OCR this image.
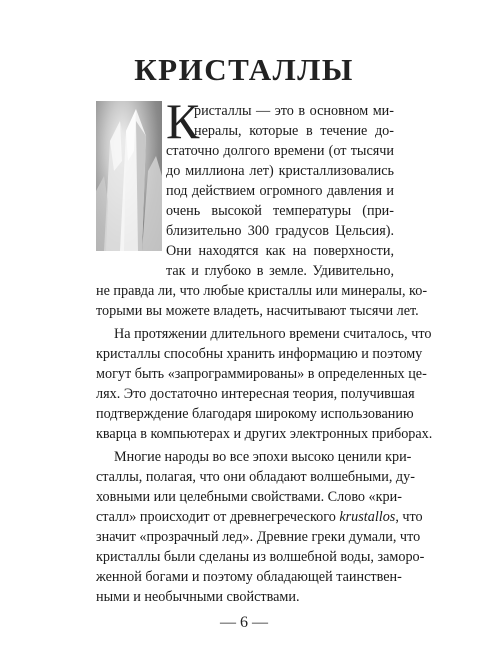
КРИСТАЛЛЫ
К
ристаллы — это в основном ми-
нералы, которые в течение до-
статочно долгого времени (от тысячи
до миллиона лет) кристаллизовались
под действием огромного давления и
очень высокой температуры (при-
близительно 300 градусов Цельсия).
Они находятся как на поверхности,
так и глубоко в земле. Удивительно,
не правда ли, что любые кристаллы или минералы, ко-
торыми вы можете владеть, насчитывают тысячи лет.
На протяжении длительного времени считалось, что
кристаллы способны хранить информацию и поэтому
могут быть «запрограммированы» в определенных це-
лях. Это достаточно интересная теория, получившая
подтверждение благодаря широкому использованию
кварца в компьютерах и других электронных приборах.
Многие народы во все эпохи высоко ценили кри-
сталлы, полагая, что они обладают волшебными, ду-
ховными или целебными свойствами. Слово «кри-
сталл» происходит от древнегреческого krustallos, что
значит «прозрачный лед». Древние греки думали, что
кристаллы были сделаны из волшебной воды, заморо-
— 6 —
женной богами и поэтому обладающей таинствен-
ными и необычными свойствами.
